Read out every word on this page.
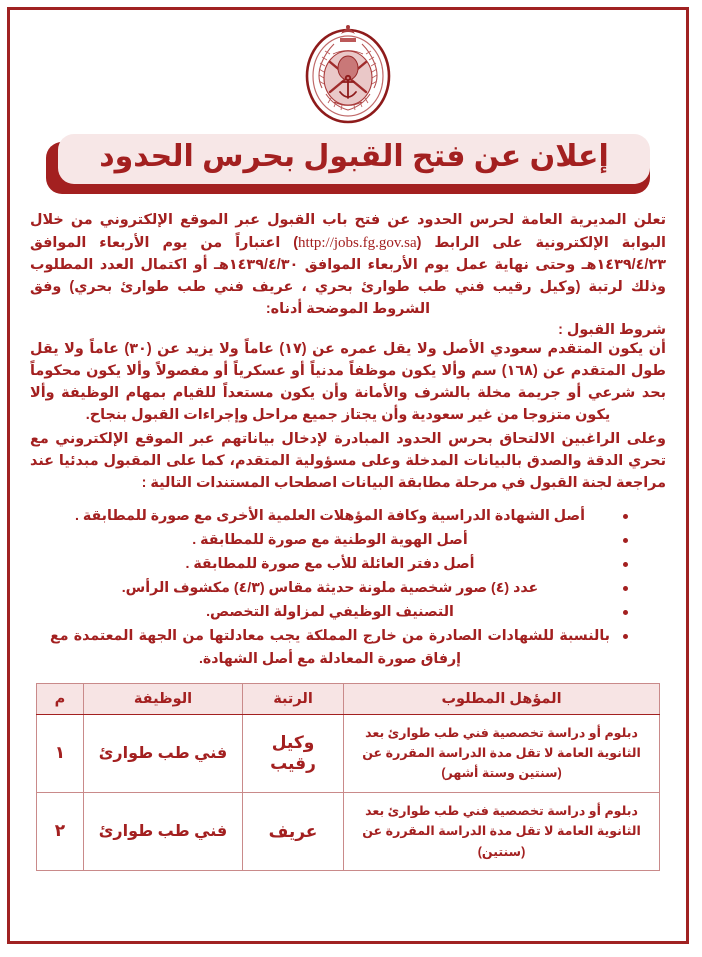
إعلان عن فتح القبول بحرس الحدود

تعلن المديرية العامة لحرس الحدود عن فتح باب القبول عبر الموقع الإلكتروني من خلال البوابة الإلكترونية على الرابط (http://jobs.fg.gov.sa) اعتباراً من يوم الأربعاء الموافق ١٤٣٩/٤/٢٣هـ وحتى نهاية عمل يوم الأربعاء الموافق ١٤٣٩/٤/٣٠هـ أو اكتمال العدد المطلوب وذلك لرتبة (وكيل رقيب فني طب طوارئ بحري ، عريف فني طب طوارئ بحري) وفق الشروط الموضحة أدناه:

شروط القبول :

أن يكون المتقدم سعودي الأصل ولا يقل عمره عن (١٧) عاماً ولا يزيد عن (٣٠) عاماً ولا يقل طول المتقدم عن (١٦٨) سم وألا يكون موظفاً مدنياً أو عسكرياً أو مفصولاً وألا يكون محكوماً بحد شرعي أو جريمة مخلة بالشرف والأمانة وأن يكون مستعداً للقيام بمهام الوظيفة وألا يكون متزوجا من غير سعودية وأن يجتاز جميع مراحل وإجراءات القبول بنجاح.

وعلى الراغبين الالتحاق بحرس الحدود المبادرة لإدخال بياناتهم عبر الموقع الإلكتروني مع تحري الدقة والصدق بالبيانات المدخلة وعلى مسؤولية المتقدم، كما على المقبول مبدئيا عند مراجعة لجنة القبول في مرحلة مطابقة البيانات اصطحاب المستندات التالية :

أصل الشهادة الدراسية وكافة المؤهلات العلمية الأخرى مع صورة للمطابقة .
أصل الهوية الوطنية مع صورة للمطابقة .
أصل دفتر العائلة للأب مع صورة للمطابقة .
عدد (٤) صور شخصية ملونة حديثة مقاس (٤/٣) مكشوف الرأس.
التصنيف الوظيفي لمزاولة التخصص.
بالنسبة للشهادات الصادرة من خارج المملكة يجب معادلتها من الجهة المعتمدة مع إرفاق صورة المعادلة مع أصل الشهادة.
المؤهل المطلوب	الرتبة	الوظيفة	م
دبلوم أو دراسة تخصصية فني طب طوارئ بعد الثانوية العامة لا تقل مدة الدراسة المقررة عن (سنتين وستة أشهر)	وكيل رقيب	فني طب طوارئ	١
دبلوم أو دراسة تخصصية فني طب طوارئ بعد الثانوية العامة لا تقل مدة الدراسة المقررة عن (سنتين)	عريف	فني طب طوارئ	٢
